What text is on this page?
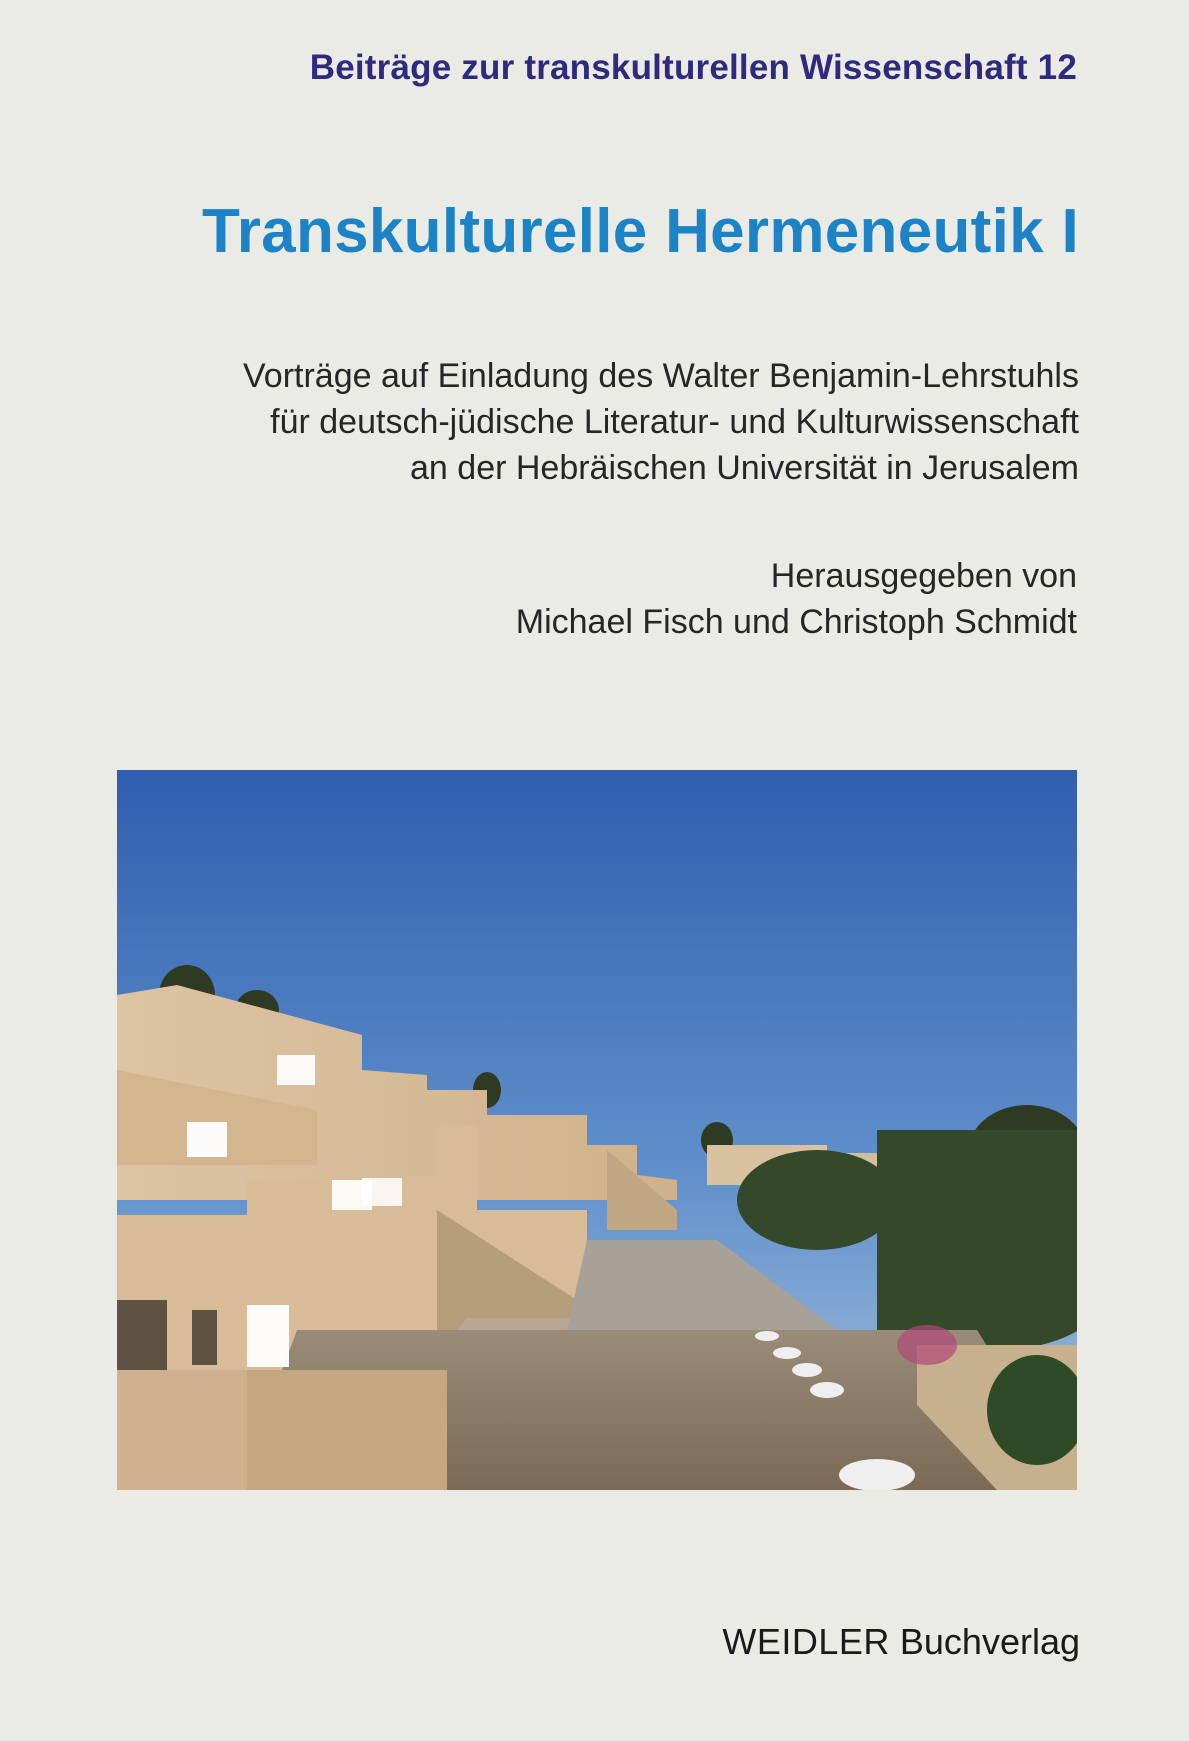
Beiträge zur transkulturellen Wissenschaft 12
Transkulturelle Hermeneutik I
Vorträge auf Einladung des Walter Benjamin-Lehrstuhls
für deutsch-jüdische Literatur- und Kulturwissenschaft
an der Hebräischen Universität in Jerusalem
Herausgegeben von
Michael Fisch und Christoph Schmidt
WEIDLER Buchverlag
